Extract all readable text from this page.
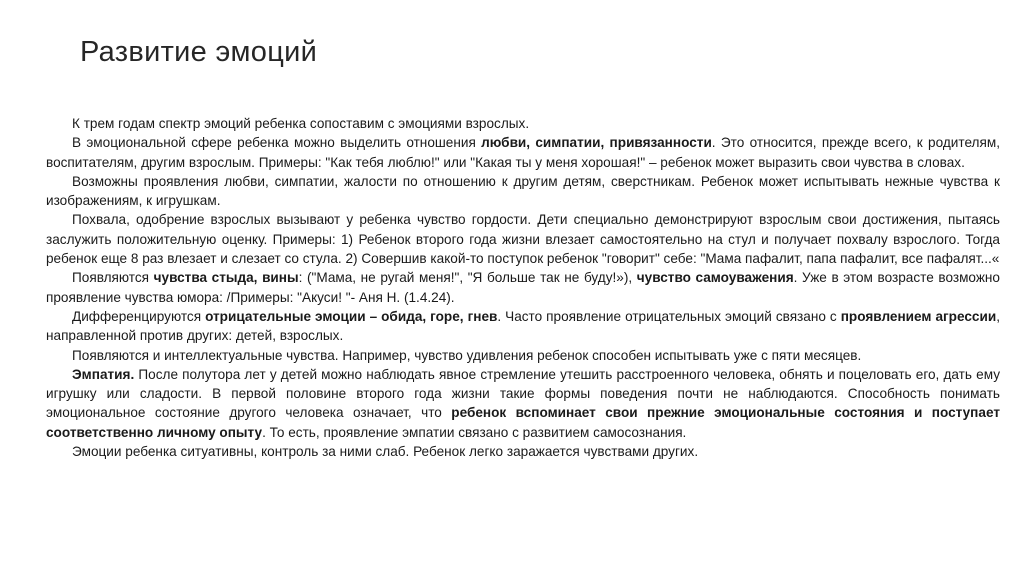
Развитие эмоций

К трем годам спектр эмоций ребенка сопоставим с эмоциями взрослых.

В эмоциональной сфере ребенка можно выделить отношения любви, симпатии, привязанности. Это относится, прежде всего, к родителям, воспитателям, другим взрослым. Примеры: "Как тебя люблю!" или "Какая ты у меня хорошая!" – ребенок может выразить свои чувства в словах.

Возможны проявления любви, симпатии, жалости по отношению к другим детям, сверстникам. Ребенок может испытывать нежные чувства к изображениям, к игрушкам.

Похвала, одобрение взрослых вызывают у ребенка чувство гордости. Дети специально демонстрируют взрослым свои достижения, пытаясь заслужить положительную оценку. Примеры: 1) Ребенок второго года жизни влезает самостоятельно на стул и получает похвалу взрослого. Тогда ребенок еще 8 раз влезает и слезает со стула. 2) Совершив какой-то поступок ребенок "говорит" себе: "Мама пафалит, папа пафалит, все пафалят...«

Появляются чувства стыда, вины: ("Мама, не ругай меня!", "Я больше так не буду!»), чувство самоуважения. Уже в этом возрасте возможно проявление чувства юмора: /Примеры: "Акуси! "- Аня Н. (1.4.24).

Дифференцируются отрицательные эмоции – обида, горе, гнев. Часто проявление отрицательных эмоций связано с проявлением агрессии, направленной против других: детей, взрослых.

Появляются и интеллектуальные чувства. Например, чувство удивления ребенок способен испытывать уже с пяти месяцев.

Эмпатия. После полутора лет у детей можно наблюдать явное стремление утешить расстроенного человека, обнять и поцеловать его, дать ему игрушку или сладости. В первой половине второго года жизни такие формы поведения почти не наблюдаются. Способность понимать эмоциональное состояние другого человека означает, что ребенок вспоминает свои прежние эмоциональные состояния и поступает соответственно личному опыту. То есть, проявление эмпатии связано с развитием самосознания.

Эмоции ребенка ситуативны, контроль за ними слаб. Ребенок легко заражается чувствами других.
